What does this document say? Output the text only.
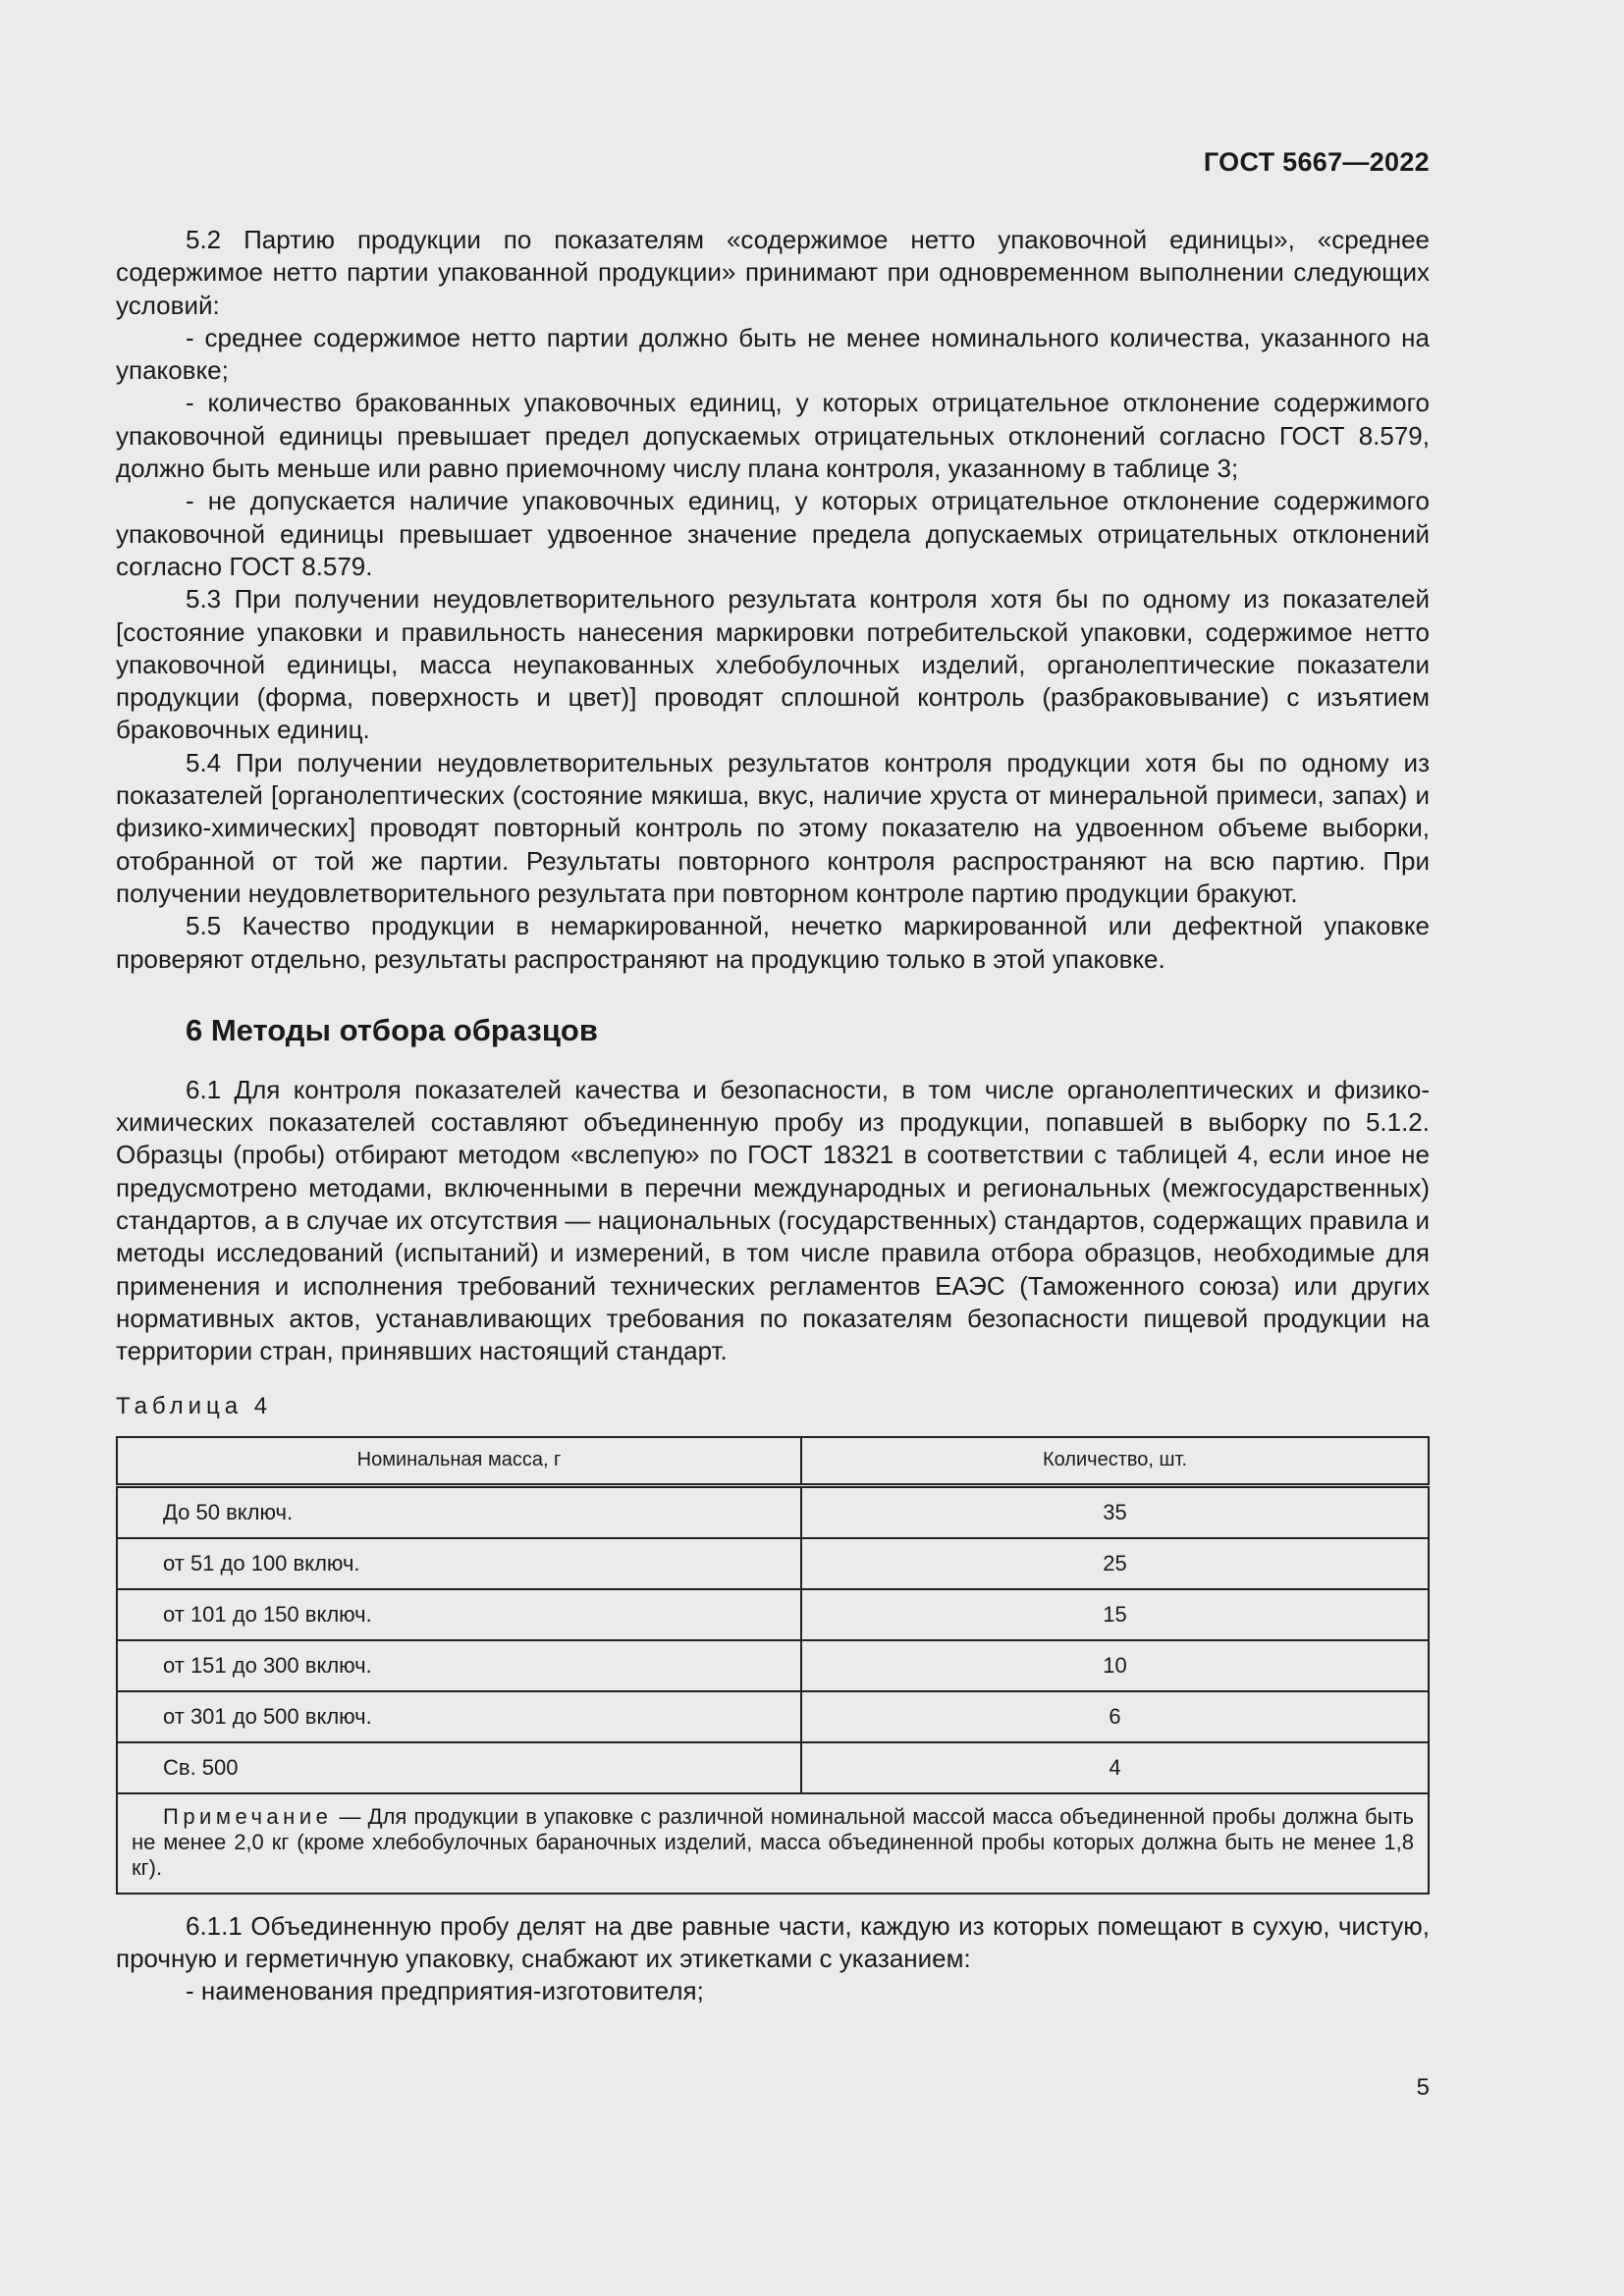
ГОСТ 5667—2022

5.2 Партию продукции по показателям «содержимое нетто упаковочной единицы», «среднее содержимое нетто партии упакованной продукции» принимают при одновременном выполнении следующих условий:

- среднее содержимое нетто партии должно быть не менее номинального количества, указанного на упаковке;

- количество бракованных упаковочных единиц, у которых отрицательное отклонение содержимого упаковочной единицы превышает предел допускаемых отрицательных отклонений согласно ГОСТ 8.579, должно быть меньше или равно приемочному числу плана контроля, указанному в таблице 3;

- не допускается наличие упаковочных единиц, у которых отрицательное отклонение содержимого упаковочной единицы превышает удвоенное значение предела допускаемых отрицательных отклонений согласно ГОСТ 8.579.

5.3 При получении неудовлетворительного результата контроля хотя бы по одному из показателей [состояние упаковки и правильность нанесения маркировки потребительской упаковки, содержимое нетто упаковочной единицы, масса неупакованных хлебобулочных изделий, органолептические показатели продукции (форма, поверхность и цвет)] проводят сплошной контроль (разбраковывание) с изъятием браковочных единиц.

5.4 При получении неудовлетворительных результатов контроля продукции хотя бы по одному из показателей [органолептических (состояние мякиша, вкус, наличие хруста от минеральной примеси, запах) и физико-химических] проводят повторный контроль по этому показателю на удвоенном объеме выборки, отобранной от той же партии. Результаты повторного контроля распространяют на всю партию. При получении неудовлетворительного результата при повторном контроле партию продукции бракуют.

5.5 Качество продукции в немаркированной, нечетко маркированной или дефектной упаковке проверяют отдельно, результаты распространяют на продукцию только в этой упаковке.

6 Методы отбора образцов

6.1 Для контроля показателей качества и безопасности, в том числе органолептических и физико-химических показателей составляют объединенную пробу из продукции, попавшей в выборку по 5.1.2. Образцы (пробы) отбирают методом «вслепую» по ГОСТ 18321 в соответствии с таблицей 4, если иное не предусмотрено методами, включенными в перечни международных и региональных (межгосударственных) стандартов, а в случае их отсутствия — национальных (государственных) стандартов, содержащих правила и методы исследований (испытаний) и измерений, в том числе правила отбора образцов, необходимые для применения и исполнения требований технических регламентов ЕАЭС (Таможенного союза) или других нормативных актов, устанавливающих требования по показателям безопасности пищевой продукции на территории стран, принявших настоящий стандарт.

Таблица 4
Номинальная масса, г	Количество, шт.
До 50 включ.	35
от 51 до 100 включ.	25
от 101 до 150 включ.	15
от 151 до 300 включ.	10
от 301 до 500 включ.	6
Св. 500	4
Примечание — Для продукции в упаковке с различной номинальной массой масса объединенной пробы должна быть не менее 2,0 кг (кроме хлебобулочных бараночных изделий, масса объединенной пробы которых должна быть не менее 1,8 кг).	

6.1.1 Объединенную пробу делят на две равные части, каждую из которых помещают в сухую, чистую, прочную и герметичную упаковку, снабжают их этикетками с указанием:

- наименования предприятия-изготовителя;

5
